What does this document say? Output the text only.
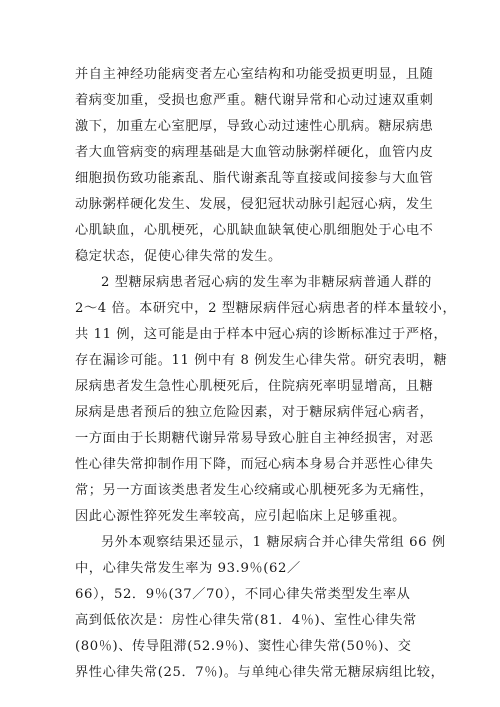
并自主神经功能病变者左心室结构和功能受损更明显，且随
着病变加重，受损也愈严重。糖代谢异常和心动过速双重刺
激下，加重左心室肥厚，导致心动过速性心肌病。糖尿病患
者大血管病变的病理基础是大血管动脉粥样硬化，血管内皮
细胞损伤致功能紊乱、脂代谢紊乱等直接或间接参与大血管
动脉粥样硬化发生、发展，侵犯冠状动脉引起冠心病，发生
心肌缺血，心肌梗死，心肌缺血缺氧使心肌细胞处于心电不
稳定状态，促使心律失常的发生。
2 型糖尿病患者冠心病的发生率为非糖尿病普通人群的
2～4 倍。本研究中，2 型糖尿病伴冠心病患者的样本量较小，
共 11 例，这可能是由于样本中冠心病的诊断标准过于严格，
存在漏诊可能。11 例中有 8 例发生心律失常。研究表明，糖
尿病患者发生急性心肌梗死后，住院病死率明显增高，且糖
尿病是患者预后的独立危险因素，对于糖尿病伴冠心病者，
一方面由于长期糖代谢异常易导致心脏自主神经损害，对恶
性心律失常抑制作用下降，而冠心病本身易合并恶性心律失
常；另一方面该类患者发生心绞痛或心肌梗死多为无痛性，
因此心源性猝死发生率较高，应引起临床上足够重视。
另外本观察结果还显示，1 糖尿病合并心律失常组 66 例
中，心律失常发生率为 93.9％(62／
66），52．9％(37／70），不同心律失常类型发生率从
高到低依次是：房性心律失常(81．4％)、室性心律失常
(80％)、传导阻滞(52.9％)、窦性心律失常(50％)、交
界性心律失常(25．7％)。与单纯心律失常无糖尿病组比较，
